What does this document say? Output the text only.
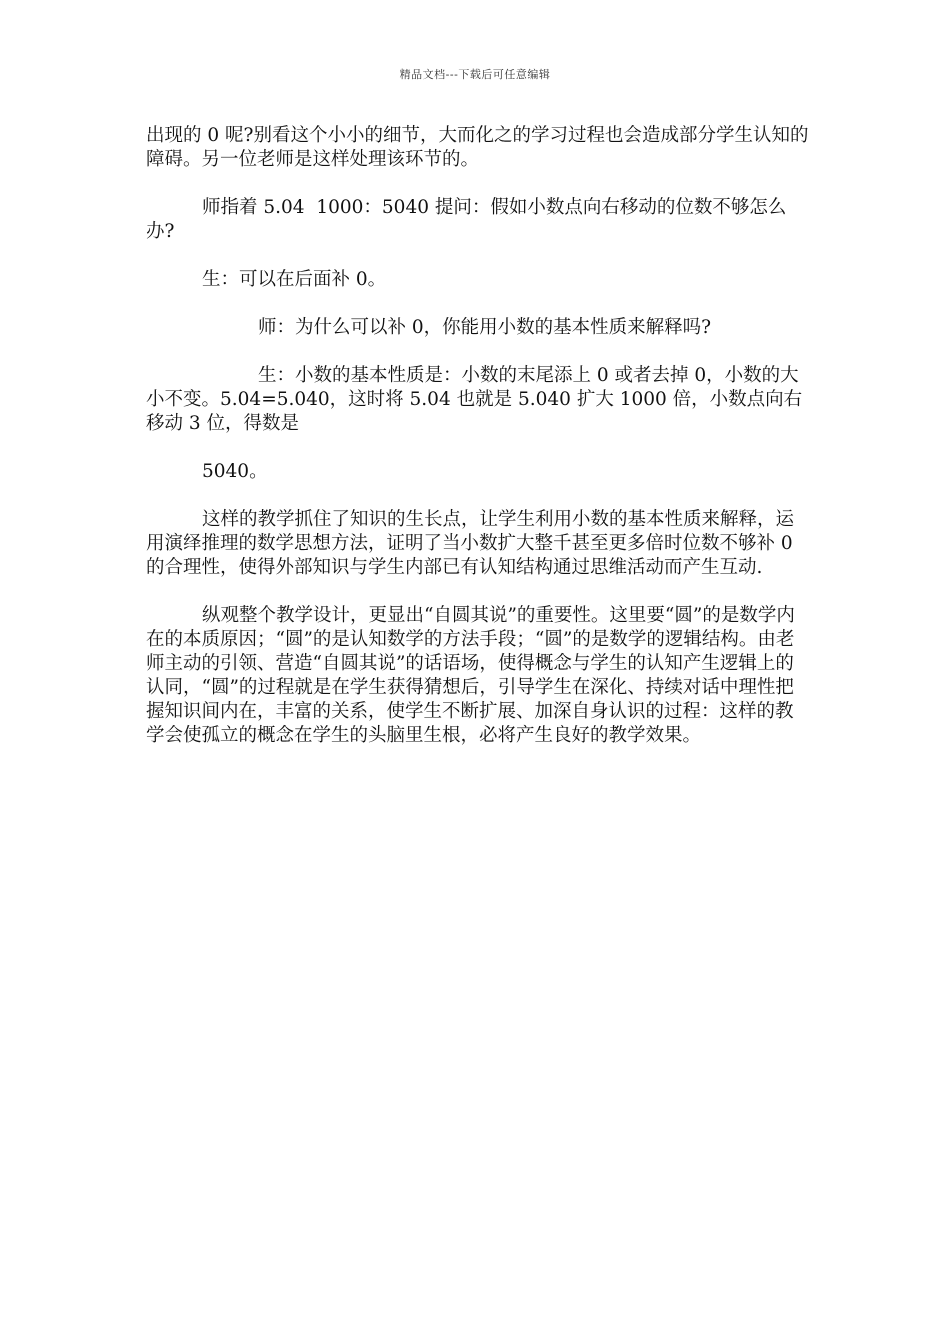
精品文档---下载后可任意编辑

出现的 0 呢?别看这个小小的细节，大而化之的学习过程也会造成部分学生认知的障碍。另一位老师是这样处理该环节的。

师指着 5.04  1000：5040 提问：假如小数点向右移动的位数不够怎么办?

生：可以在后面补 0。

师：为什么可以补 0，你能用小数的基本性质来解释吗?

生：小数的基本性质是：小数的末尾添上 0 或者去掉 0，小数的大小不变。5.04=5.040，这时将 5.04 也就是 5.040 扩大 1000 倍，小数点向右移动 3 位，得数是

5040。

这样的教学抓住了知识的生长点，让学生利用小数的基本性质来解释，运用演绎推理的数学思想方法，证明了当小数扩大整千甚至更多倍时位数不够补 0 的合理性，使得外部知识与学生内部已有认知结构通过思维活动而产生互动.

纵观整个教学设计，更显出“自圆其说”的重要性。这里要“圆”的是数学内在的本质原因；“圆”的是认知数学的方法手段；“圆”的是数学的逻辑结构。由老师主动的引领、营造“自圆其说”的话语场，使得概念与学生的认知产生逻辑上的认同，“圆”的过程就是在学生获得猜想后，引导学生在深化、持续对话中理性把握知识间内在，丰富的关系，使学生不断扩展、加深自身认识的过程：这样的教学会使孤立的概念在学生的头脑里生根，必将产生良好的教学效果。
